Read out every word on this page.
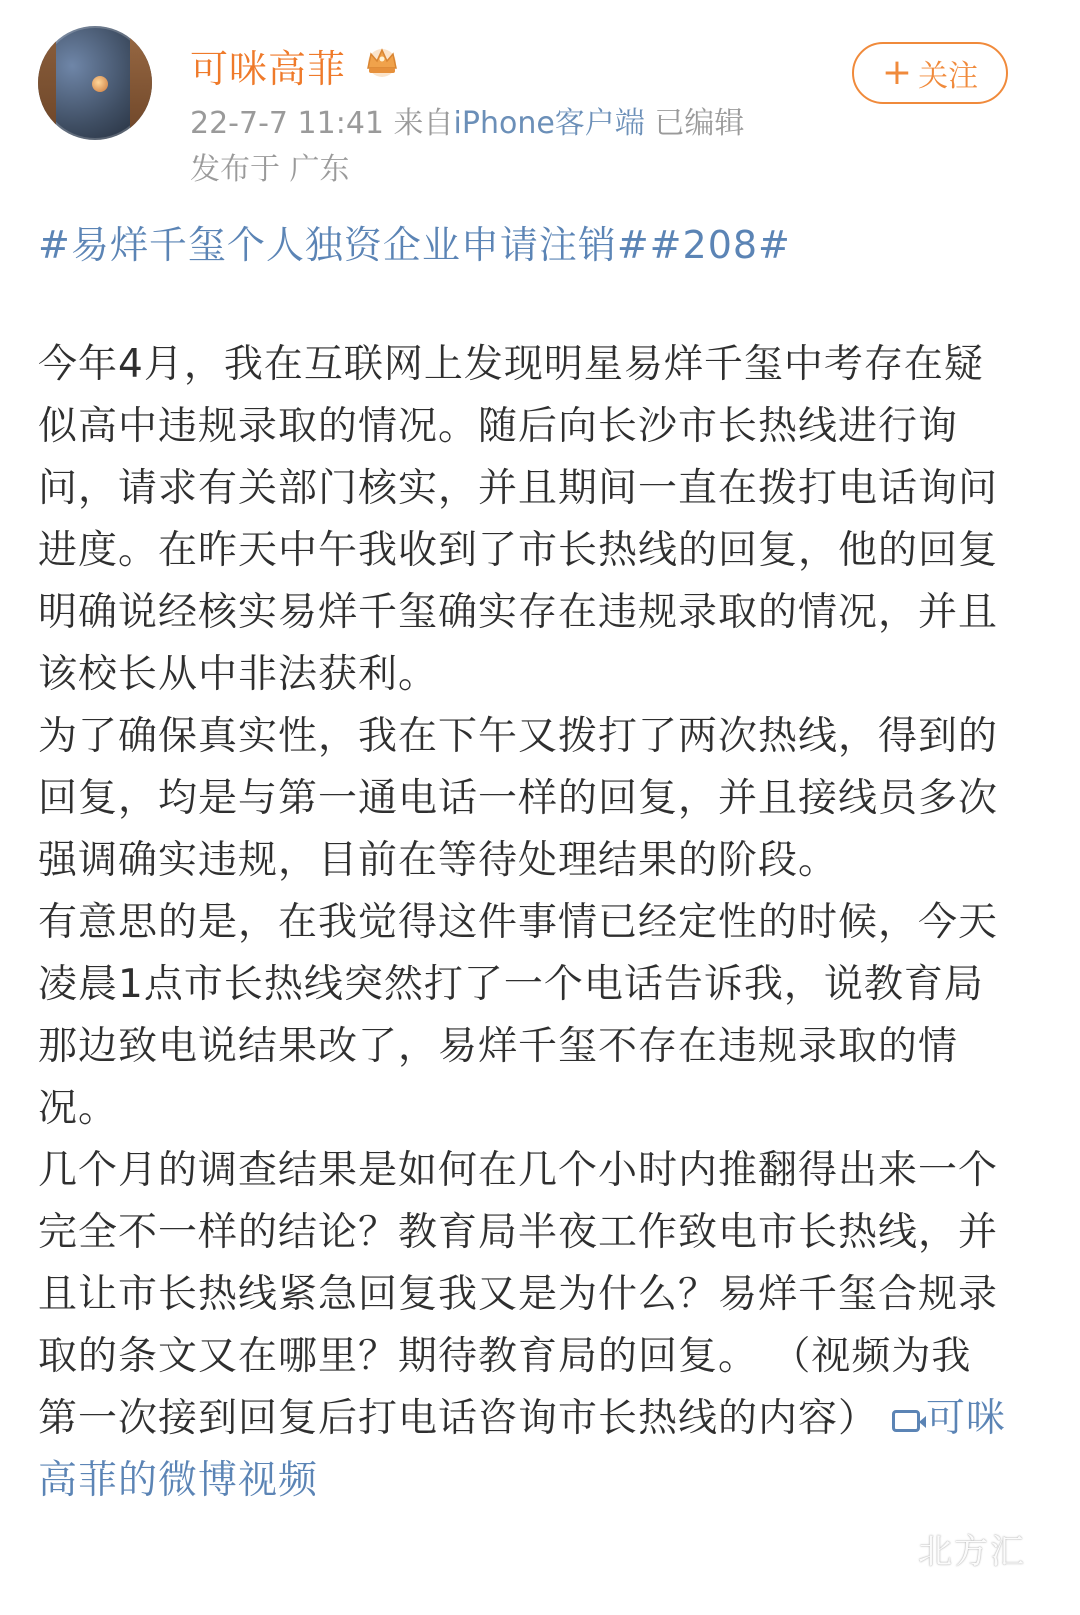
可咪高菲
22-7-7 11:41 来自iPhone客户端 已编辑
发布于 广东
+ 关注
#易烊千玺个人独资企业申请注销##208#

今年4月，我在互联网上发现明星易烊千玺中考存在疑似高中违规录取的情况。随后向长沙市长热线进行询问，请求有关部门核实，并且期间一直在拨打电话询问进度。在昨天中午我收到了市长热线的回复，他的回复明确说经核实易烊千玺确实存在违规录取的情况，并且该校长从中非法获利。

为了确保真实性，我在下午又拨打了两次热线，得到的回复，均是与第一通电话一样的回复，并且接线员多次强调确实违规，目前在等待处理结果的阶段。

有意思的是，在我觉得这件事情已经定性的时候，今天凌晨1点市长热线突然打了一个电话告诉我，说教育局那边致电说结果改了，易烊千玺不存在违规录取的情况。

几个月的调查结果是如何在几个小时内推翻得出来一个完全不一样的结论？教育局半夜工作致电市长热线，并且让市长热线紧急回复我又是为什么？易烊千玺合规录取的条文又在哪里？期待教育局的回复。 （视频为我第一次接到回复后打电话咨询市长热线的内容） 可咪高菲的微博视频

北方汇
